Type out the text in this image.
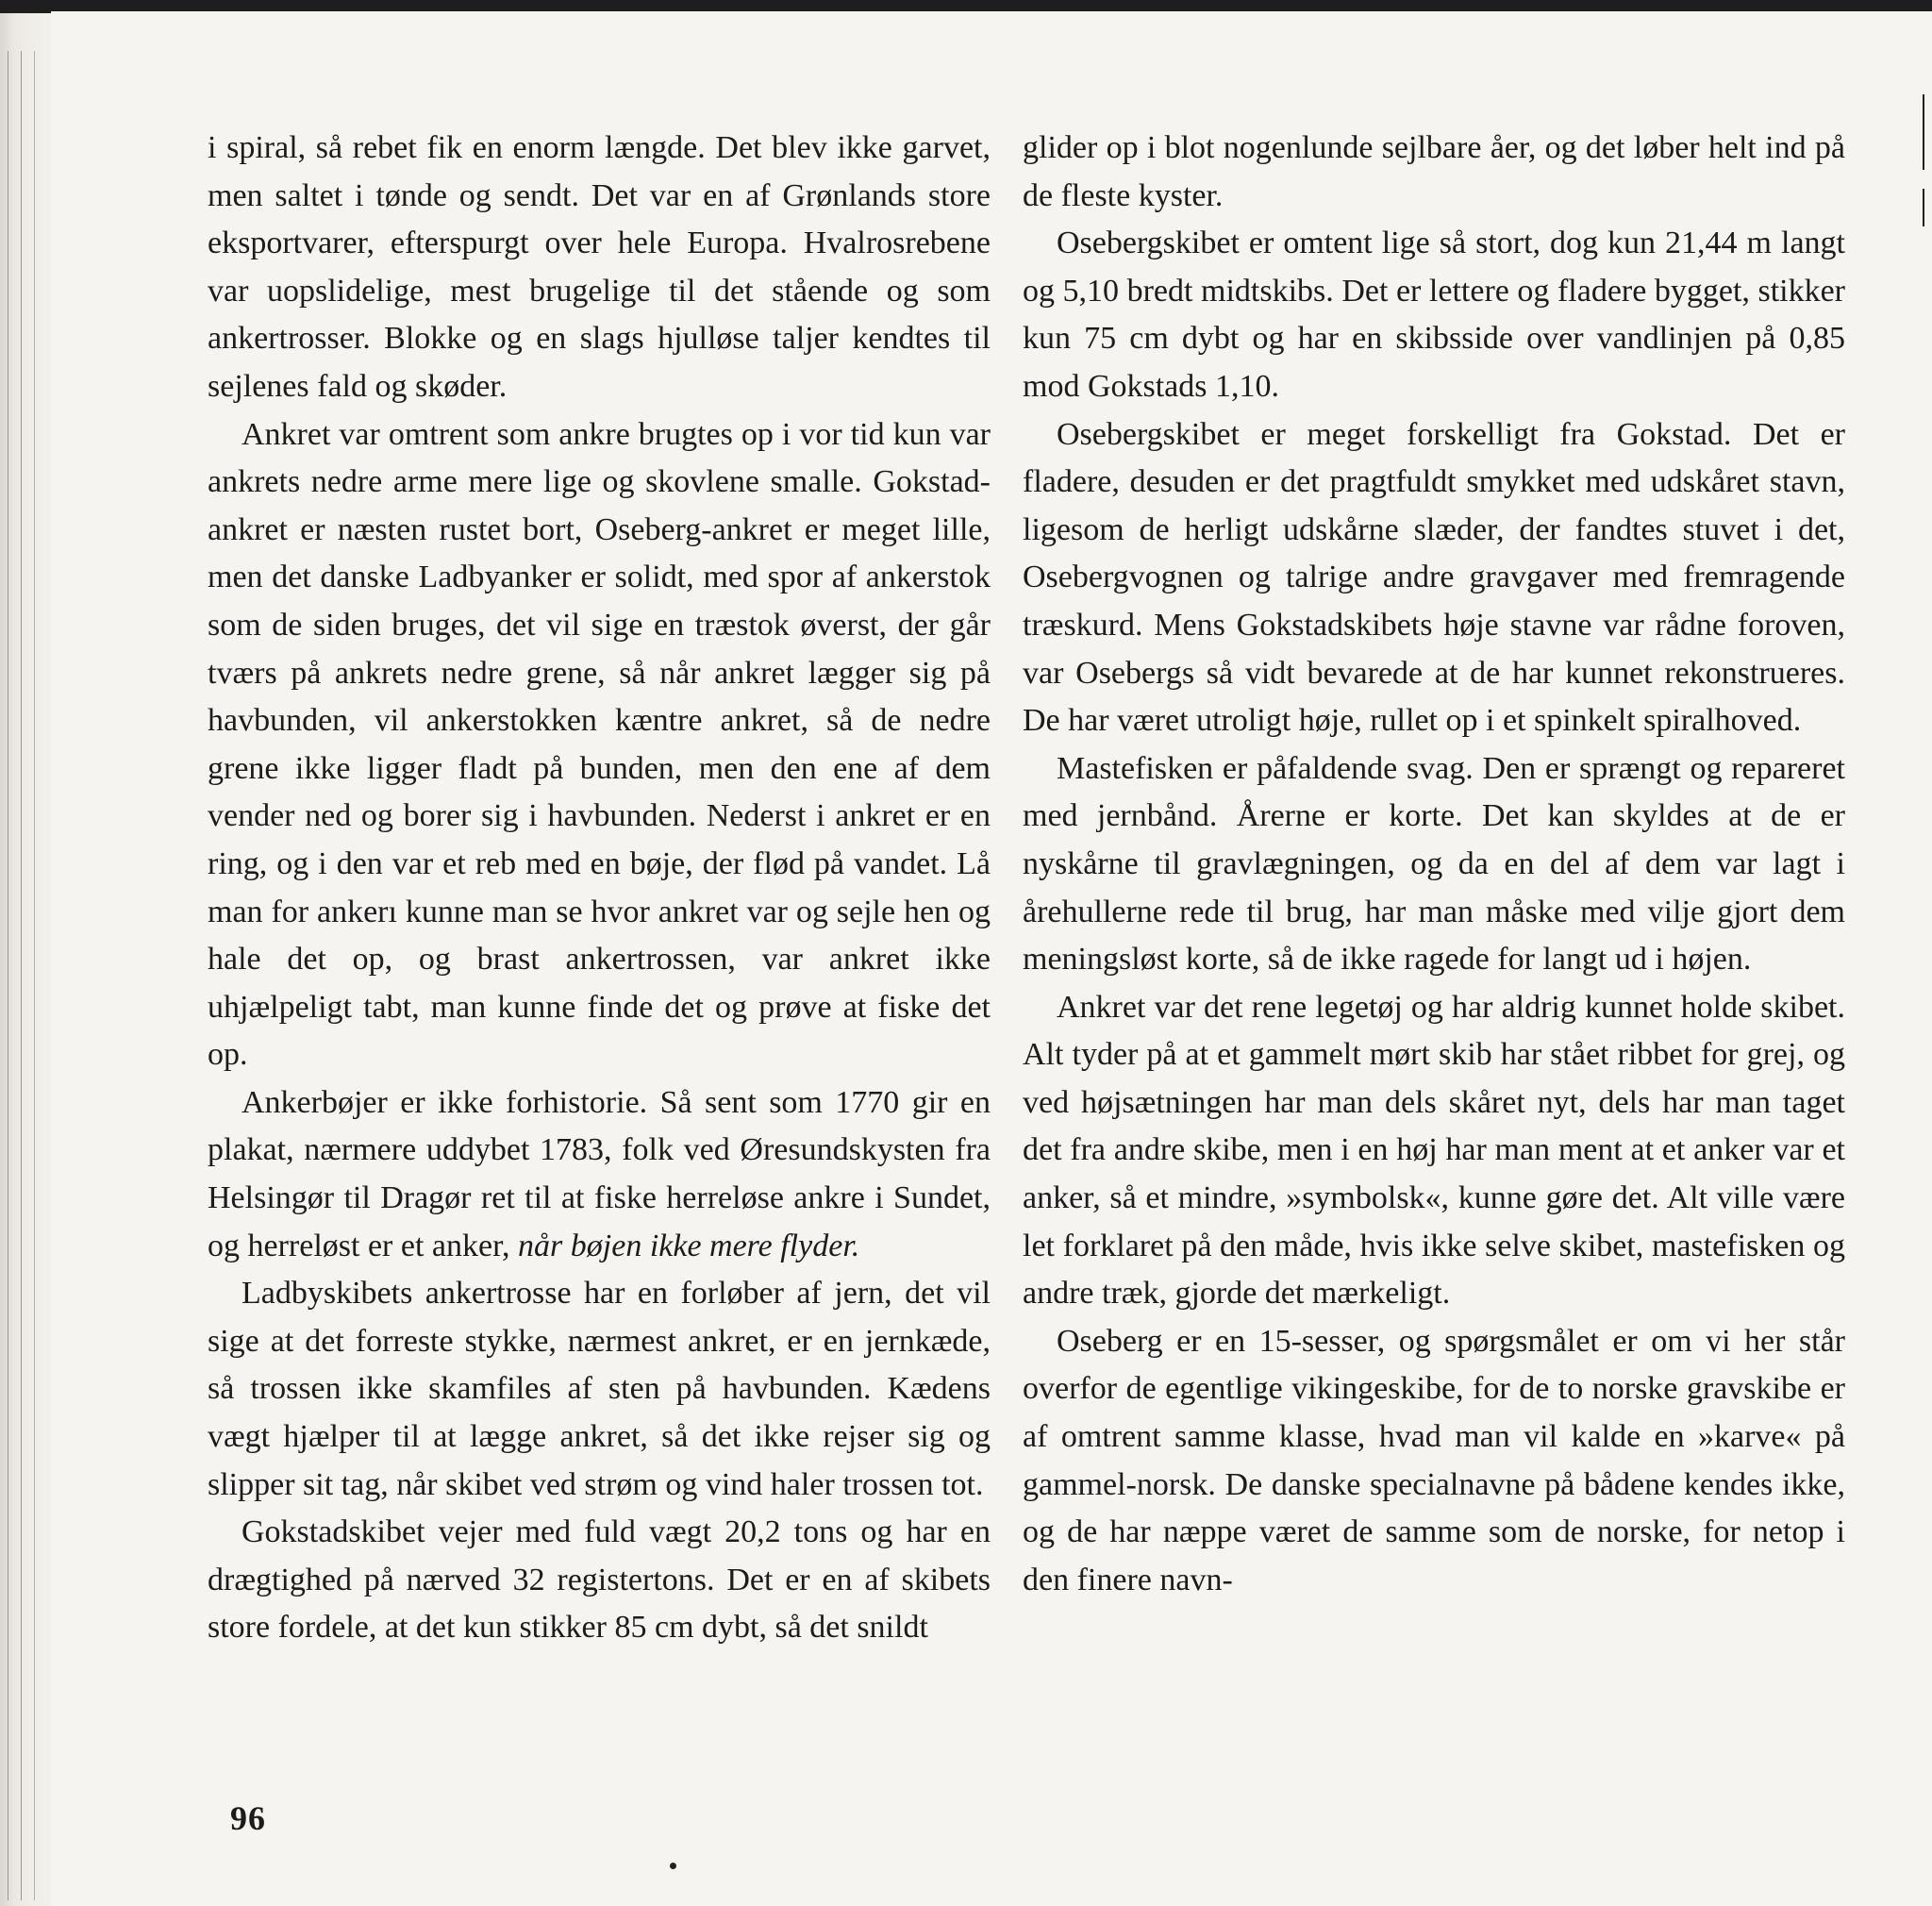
i spiral, så rebet fik en enorm længde. Det blev ikke garvet, men saltet i tønde og sendt. Det var en af Grønlands store eksportvarer, efterspurgt over hele Europa. Hvalrosrebene var uopslidelige, mest brugelige til det stående og som ankertrosser. Blokke og en slags hjulløse taljer kendtes til sejlenes fald og skøder.

Ankret var omtrent som ankre brugtes op i vor tid kun var ankrets nedre arme mere lige og skovlene smalle. Gokstad-ankret er næsten rustet bort, Oseberg-ankret er meget lille, men det danske Ladbyanker er solidt, med spor af ankerstok som de siden bruges, det vil sige en træstok øverst, der går tværs på ankrets nedre grene, så når ankret lægger sig på havbunden, vil ankerstokken kæntre ankret, så de nedre grene ikke ligger fladt på bunden, men den ene af dem vender ned og borer sig i havbunden. Nederst i ankret er en ring, og i den var et reb med en bøje, der flød på vandet. Lå man for ankerı kunne man se hvor ankret var og sejle hen og hale det op, og brast ankertrossen, var ankret ikke uhjælpeligt tabt, man kunne finde det og prøve at fiske det op.

Ankerbøjer er ikke forhistorie. Så sent som 1770 gir en plakat, nærmere uddybet 1783, folk ved Øresundskysten fra Helsingør til Dragør ret til at fiske herreløse ankre i Sundet, og herreløst er et anker, når bøjen ikke mere flyder.

Ladbyskibets ankertrosse har en forløber af jern, det vil sige at det forreste stykke, nærmest ankret, er en jernkæde, så trossen ikke skamfiles af sten på havbunden. Kædens vægt hjælper til at lægge ankret, så det ikke rejser sig og slipper sit tag, når skibet ved strøm og vind haler trossen tot.

Gokstadskibet vejer med fuld vægt 20,2 tons og har en drægtighed på nærved 32 registertons. Det er en af skibets store fordele, at det kun stikker 85 cm dybt, så det snildt

glider op i blot nogenlunde sejlbare åer, og det løber helt ind på de fleste kyster.

Osebergskibet er omtent lige så stort, dog kun 21,44 m langt og 5,10 bredt midtskibs. Det er lettere og fladere bygget, stikker kun 75 cm dybt og har en skibsside over vandlinjen på 0,85 mod Gokstads 1,10.

Osebergskibet er meget forskelligt fra Gokstad. Det er fladere, desuden er det pragtfuldt smykket med udskåret stavn, ligesom de herligt udskårne slæder, der fandtes stuvet i det, Osebergvognen og talrige andre gravgaver med fremragende træskurd. Mens Gokstadskibets høje stavne var rådne foroven, var Osebergs så vidt bevarede at de har kunnet rekonstrueres. De har været utroligt høje, rullet op i et spinkelt spiralhoved.

Mastefisken er påfaldende svag. Den er sprængt og repareret med jernbånd. Årerne er korte. Det kan skyldes at de er nyskårne til gravlægningen, og da en del af dem var lagt i årehullerne rede til brug, har man måske med vilje gjort dem meningsløst korte, så de ikke ragede for langt ud i højen.

Ankret var det rene legetøj og har aldrig kunnet holde skibet. Alt tyder på at et gammelt mørt skib har stået ribbet for grej, og ved højsætningen har man dels skåret nyt, dels har man taget det fra andre skibe, men i en høj har man ment at et anker var et anker, så et mindre, »symbolsk«, kunne gøre det. Alt ville være let forklaret på den måde, hvis ikke selve skibet, mastefisken og andre træk, gjorde det mærkeligt.

Oseberg er en 15-sesser, og spørgsmålet er om vi her står overfor de egentlige vikingeskibe, for de to norske gravskibe er af omtrent samme klasse, hvad man vil kalde en »karve« på gammel-norsk. De danske specialnavne på bådene kendes ikke, og de har næppe været de samme som de norske, for netop i den finere navn-

96
